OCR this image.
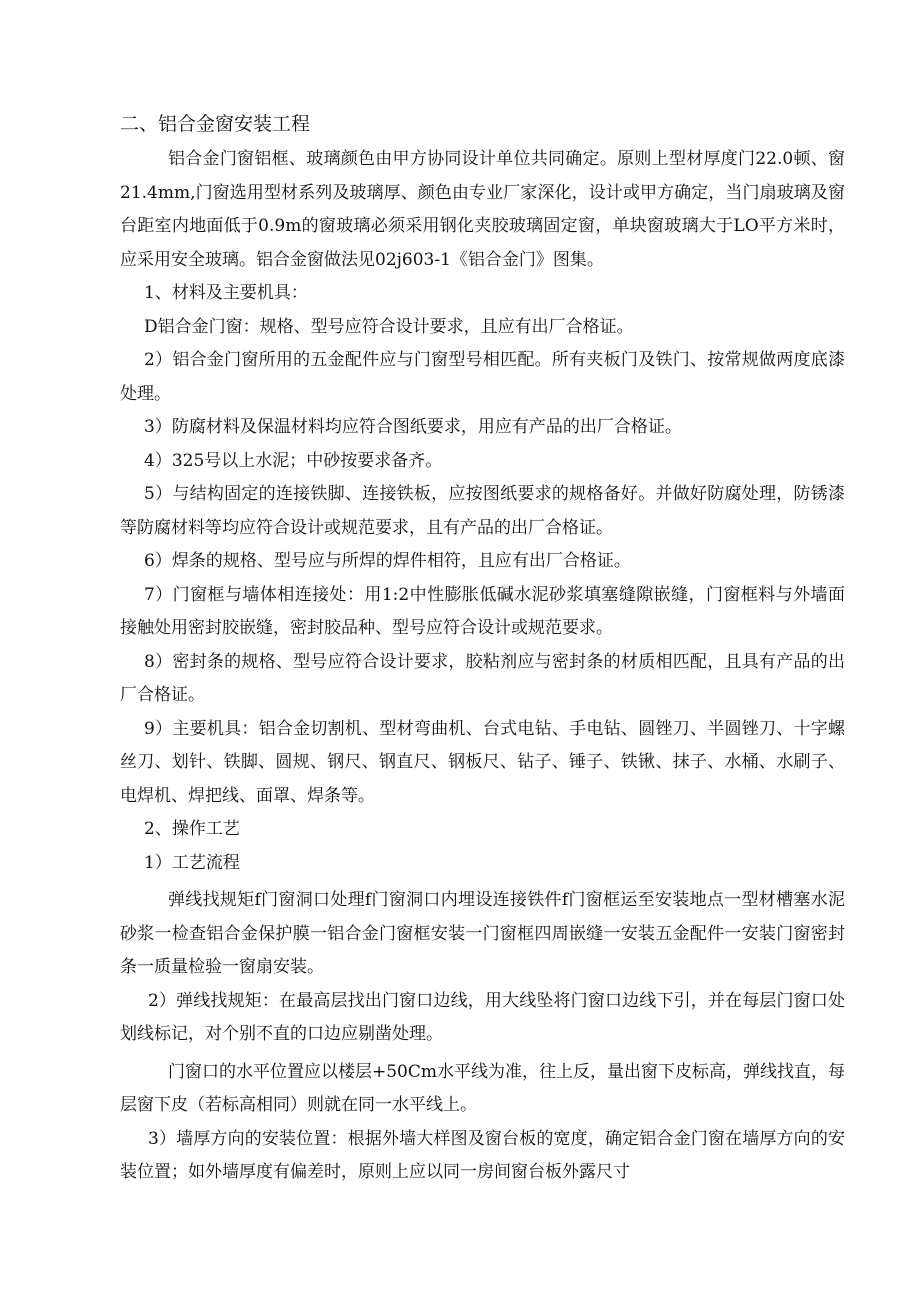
二、铝合金窗安装工程

铝合金门窗铝框、玻璃颜色由甲方协同设计单位共同确定。原则上型材厚度门22.0顿、窗21.4mm,门窗选用型材系列及玻璃厚、颜色由专业厂家深化，设计或甲方确定，当门扇玻璃及窗台距室内地面低于0.9m的窗玻璃必须采用钢化夹胶玻璃固定窗，单块窗玻璃大于LO平方米时，应采用安全玻璃。铝合金窗做法见02j603-1《铝合金门》图集。

1、材料及主要机具：

D铝合金门窗：规格、型号应符合设计要求，且应有出厂合格证。

2）铝合金门窗所用的五金配件应与门窗型号相匹配。所有夹板门及铁门、按常规做两度底漆处理。

3）防腐材料及保温材料均应符合图纸要求，用应有产品的出厂合格证。

4）325号以上水泥；中砂按要求备齐。

5）与结构固定的连接铁脚、连接铁板，应按图纸要求的规格备好。并做好防腐处理，防锈漆等防腐材料等均应符合设计或规范要求，且有产品的出厂合格证。

6）焊条的规格、型号应与所焊的焊件相符，且应有出厂合格证。

7）门窗框与墙体相连接处：用1:2中性膨胀低碱水泥砂浆填塞缝隙嵌缝，门窗框料与外墙面接触处用密封胶嵌缝，密封胶品种、型号应符合设计或规范要求。

8）密封条的规格、型号应符合设计要求，胶粘剂应与密封条的材质相匹配，且具有产品的出厂合格证。

9）主要机具：铝合金切割机、型材弯曲机、台式电钻、手电钻、圆锉刀、半圆锉刀、十字螺丝刀、划针、铁脚、圆规、钢尺、钢直尺、钢板尺、钻子、锤子、铁锹、抹子、水桶、水刷子、电焊机、焊把线、面罩、焊条等。

2、操作工艺

1）工艺流程

弹线找规矩f门窗洞口处理f门窗洞口内埋设连接铁件f门窗框运至安装地点一型材槽塞水泥砂浆一检查铝合金保护膜一铝合金门窗框安装一门窗框四周嵌缝一安装五金配件一安装门窗密封条一质量检验一窗扇安装。

2）弹线找规矩：在最高层找出门窗口边线，用大线坠将门窗口边线下引，并在每层门窗口处划线标记，对个别不直的口边应剔凿处理。

门窗口的水平位置应以楼层+50Cm水平线为准，往上反，量出窗下皮标高，弹线找直，每层窗下皮（若标高相同）则就在同一水平线上。

3）墙厚方向的安装位置：根据外墙大样图及窗台板的宽度，确定铝合金门窗在墙厚方向的安装位置；如外墙厚度有偏差时，原则上应以同一房间窗台板外露尺寸
